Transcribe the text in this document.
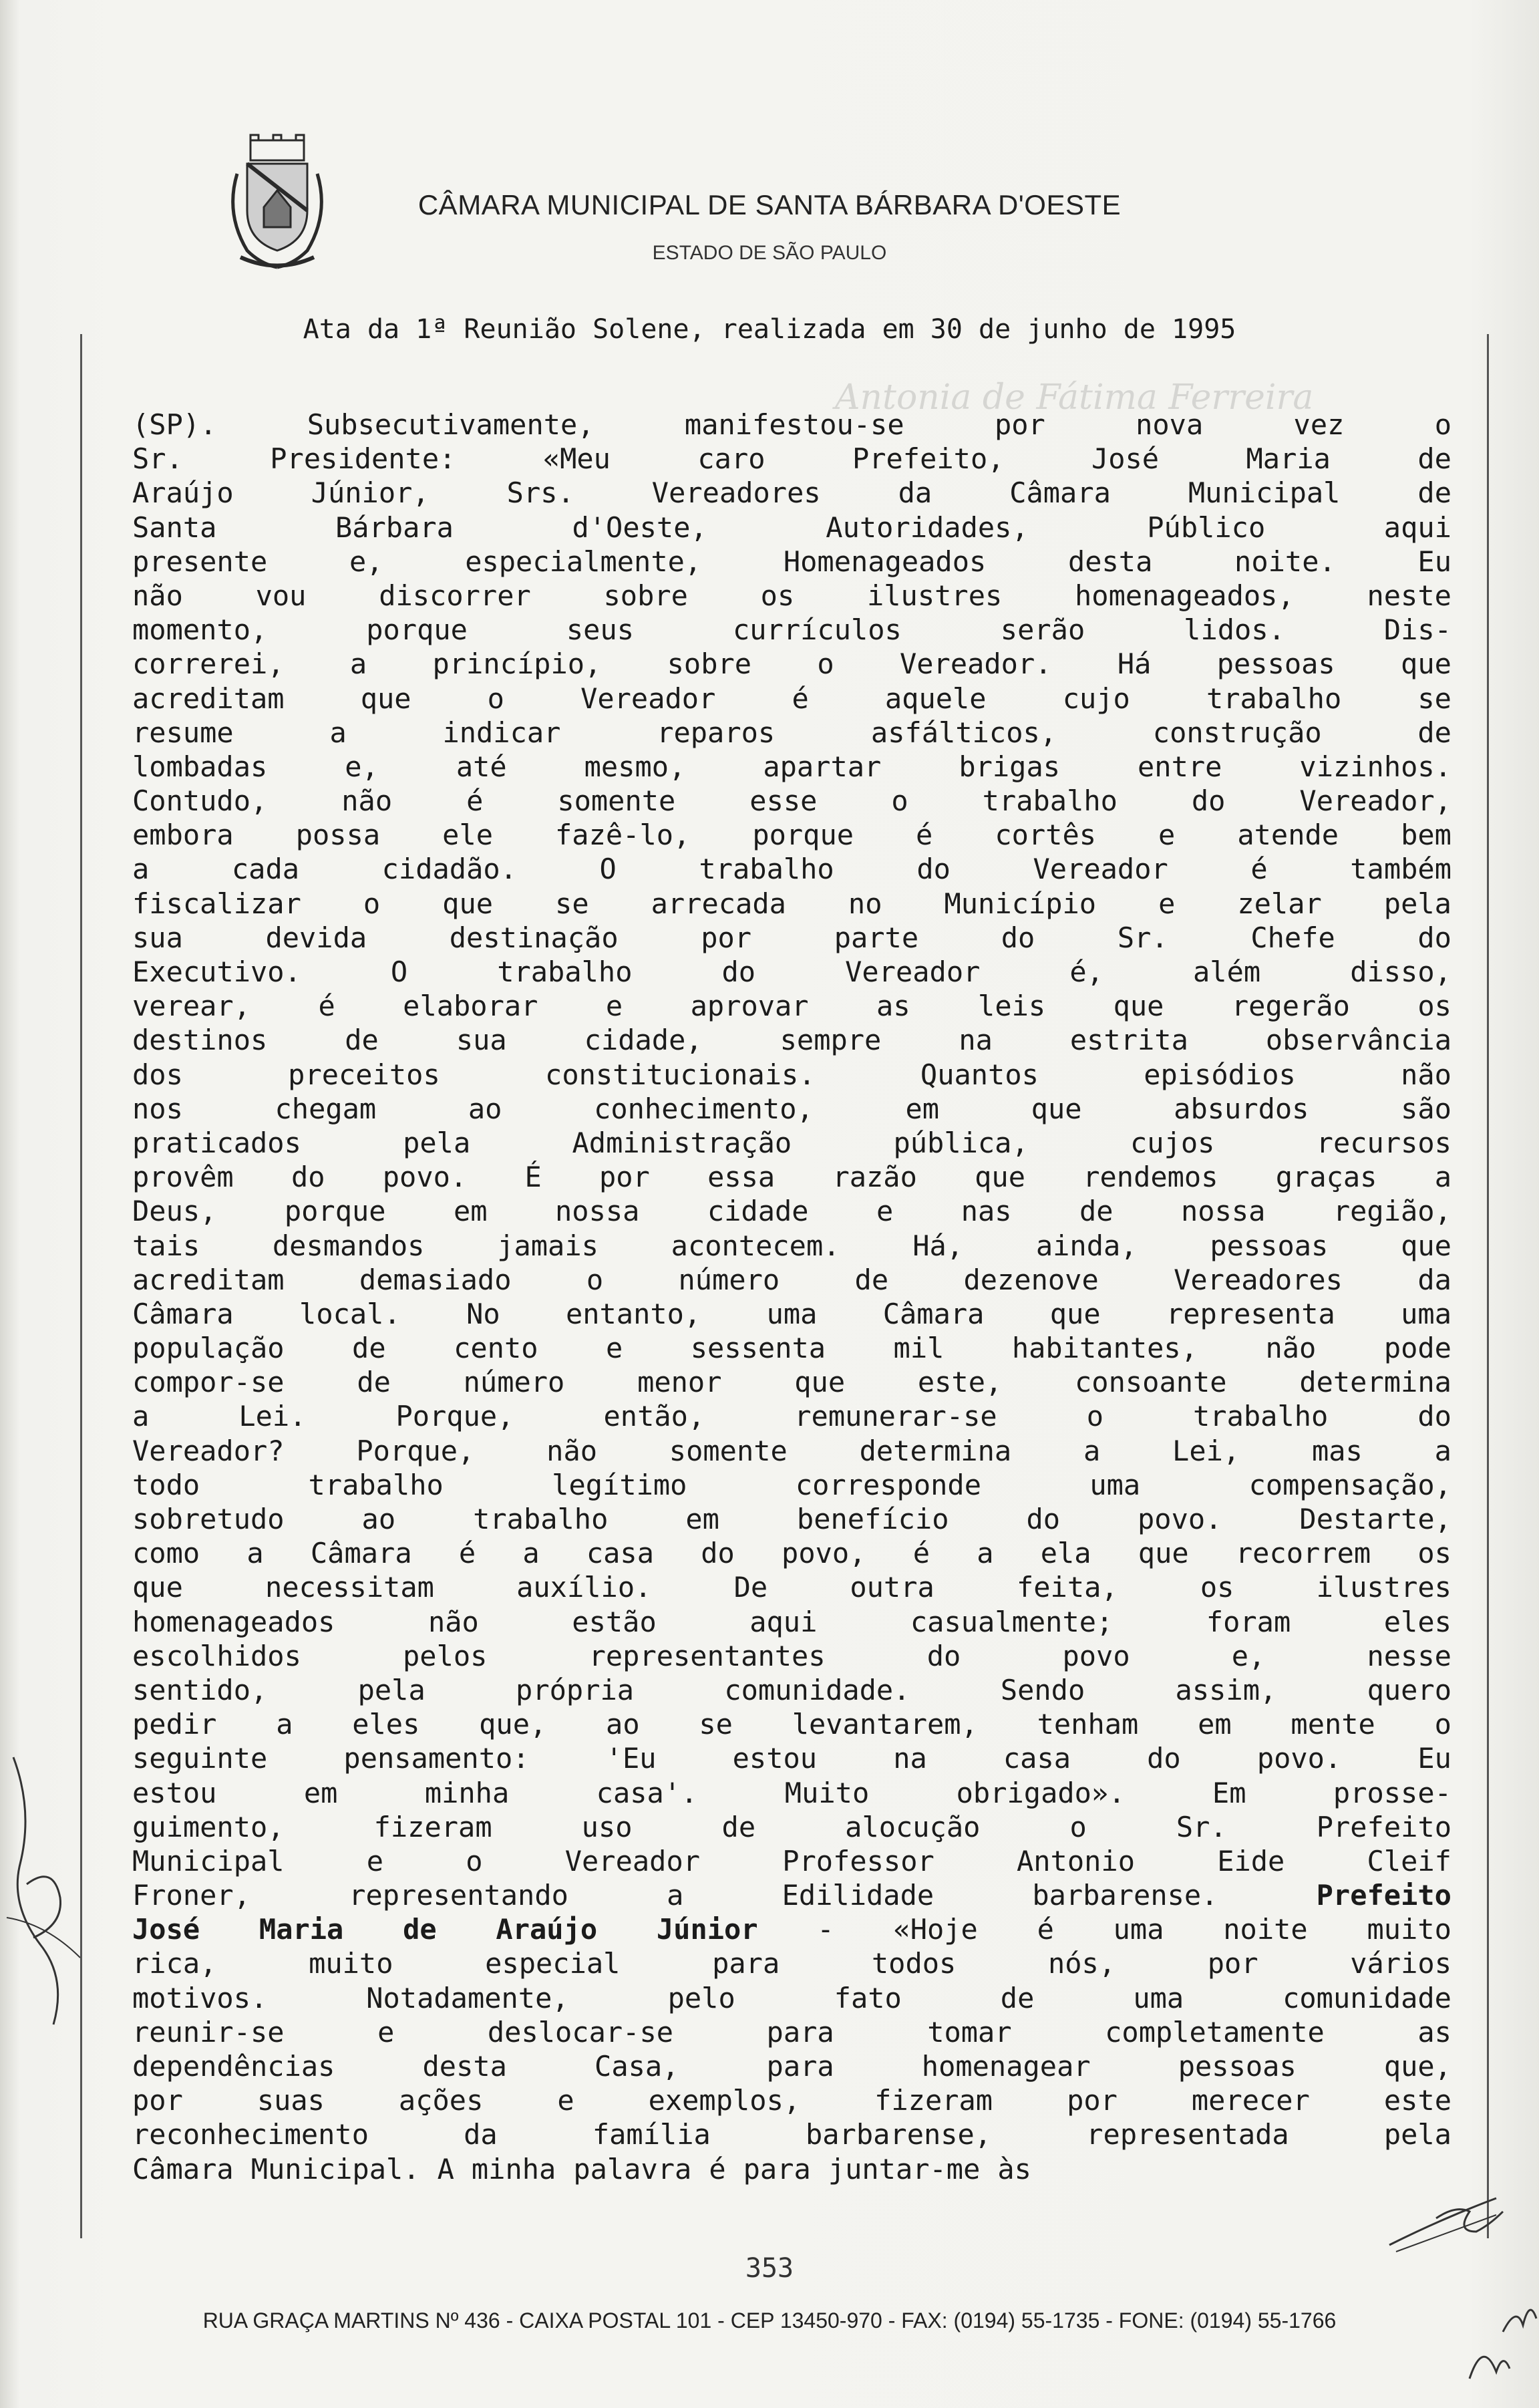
CÂMARA MUNICIPAL DE SANTA BÁRBARA D'OESTE
ESTADO DE SÃO PAULO
Ata da 1ª Reunião Solene, realizada em 30 de junho de 1995
Antonia de Fátima Ferreira
(SP).	Subsecutivamente,	manifestou-se	por	nova	vez	o
Sr.	Presidente:	«Meu	caro	Prefeito,	José	Maria	de
Araújo	Júnior,	Srs.	Vereadores	da	Câmara	Municipal	de
Santa	Bárbara	d'Oeste,	Autoridades,	Público	aqui
presente	e,	especialmente,	Homenageados	desta	noite.	Eu
não	vou	discorrer	sobre	os	ilustres	homenageados,	neste
momento,	porque	seus	currículos	serão	lidos.	Dis-
correrei, a princípio, sobre o Vereador. Há pessoas que
acreditam	que	o	Vereador	é	aquele	cujo	trabalho	se
resume	a	indicar	reparos	asfálticos,	construção	de
lombadas	e,	até	mesmo,	apartar	brigas	entre	vizinhos.
Contudo,	não	é	somente	esse	o	trabalho	do	Vereador,
embora possa ele fazê-lo, porque é cortês e atende bem
a	cada	cidadão.	O	trabalho	do	Vereador	é	também
fiscalizar o que se arrecada no Município e zelar pela
sua	devida	destinação	por	parte	do	Sr.	Chefe	do
Executivo.	O	trabalho	do	Vereador	é,	além	disso,
verear, é elaborar e aprovar as leis que regerão os
destinos	de	sua	cidade,	sempre	na	estrita	observância
dos	preceitos	constitucionais.	Quantos	episódios	não
nos	chegam	ao	conhecimento,	em	que	absurdos	são
praticados	pela	Administração	pública,	cujos	recursos
provêm do povo. É por essa razão que rendemos graças a
Deus, porque em nossa cidade e nas de nossa região,
tais	desmandos	jamais	acontecem.	Há,	ainda,	pessoas	que
acreditam	demasiado	o	número	de	dezenove	Vereadores	da
Câmara local. No entanto, uma Câmara que representa uma
população de cento e sessenta mil habitantes, não pode
compor-se	de	número	menor	que	este,	consoante	determina
a	Lei.	Porque,	então,	remunerar-se	o	trabalho	do
Vereador?	Porque,	não	somente	determina	a	Lei,	mas	a
todo	trabalho	legítimo	corresponde	uma	compensação,
sobretudo	ao	trabalho	em	benefício	do	povo.	Destarte,
como a Câmara é a casa do povo, é a ela que recorrem os
que	necessitam	auxílio.	De	outra	feita,	os	ilustres
homenageados	não	estão	aqui	casualmente;	foram	eles
escolhidos	pelos	representantes	do	povo	e,	nesse
sentido,	pela	própria	comunidade.	Sendo	assim,	quero
pedir a eles que, ao se levantarem, tenham em mente o
seguinte	pensamento:	'Eu	estou	na	casa	do	povo.	Eu
estou	em	minha	casa'.	Muito	obrigado».	Em	prosse-
guimento,	fizeram	uso	de	alocução	o	Sr.	Prefeito
Municipal	e	o	Vereador	Professor	Antonio	Eide	Cleif
Froner,	representando	a	Edilidade	barbarense.	Prefeito
José Maria de Araújo Júnior - «Hoje é uma noite muito
rica,	muito	especial	para	todos	nós,	por	vários
motivos.	Notadamente,	pelo	fato	de	uma	comunidade
reunir-se	e	deslocar-se	para	tomar	completamente	as
dependências	desta	Casa,	para	homenagear	pessoas	que,
por	suas	ações	e	exemplos,	fizeram	por	merecer	este
reconhecimento	da	família	barbarense,	representada	pela
Câmara Municipal. A minha palavra é para juntar-me às
353
RUA GRAÇA MARTINS Nº 436 - CAIXA POSTAL 101 - CEP 13450-970 - FAX: (0194) 55-1735 - FONE: (0194) 55-1766
